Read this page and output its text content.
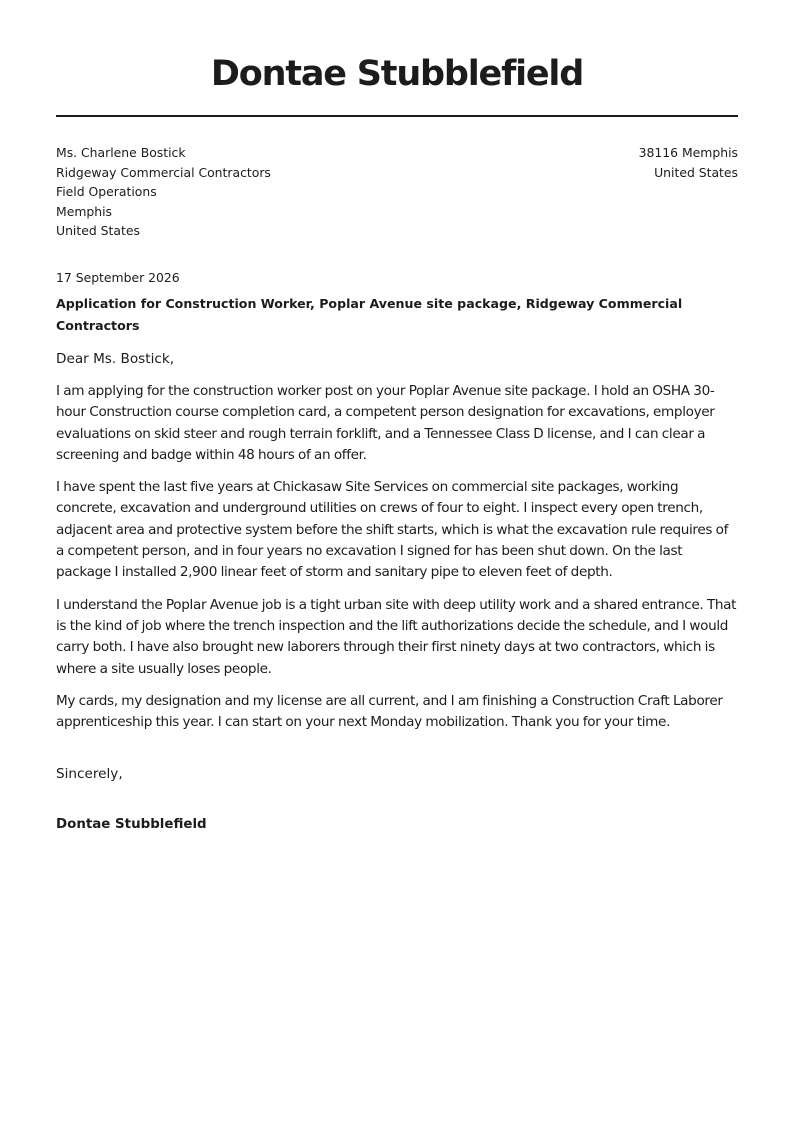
Dontae Stubblefield
Ms. Charlene Bostick
Ridgeway Commercial Contractors
Field Operations
Memphis
United States
38116 Memphis
United States
17 September 2026
Application for Construction Worker, Poplar Avenue site package, Ridgeway Commercial Contractors
Dear Ms. Bostick,
I am applying for the construction worker post on your Poplar Avenue site package. I hold an OSHA 30-hour Construction course completion card, a competent person designation for excavations, employer evaluations on skid steer and rough terrain forklift, and a Tennessee Class D license, and I can clear a screening and badge within 48 hours of an offer.
I have spent the last five years at Chickasaw Site Services on commercial site packages, working concrete, excavation and underground utilities on crews of four to eight. I inspect every open trench, adjacent area and protective system before the shift starts, which is what the excavation rule requires of a competent person, and in four years no excavation I signed for has been shut down. On the last package I installed 2,900 linear feet of storm and sanitary pipe to eleven feet of depth.
I understand the Poplar Avenue job is a tight urban site with deep utility work and a shared entrance. That is the kind of job where the trench inspection and the lift authorizations decide the schedule, and I would carry both. I have also brought new laborers through their first ninety days at two contractors, which is where a site usually loses people.
My cards, my designation and my license are all current, and I am finishing a Construction Craft Laborer apprenticeship this year. I can start on your next Monday mobilization. Thank you for your time.
Sincerely,
Dontae Stubblefield
